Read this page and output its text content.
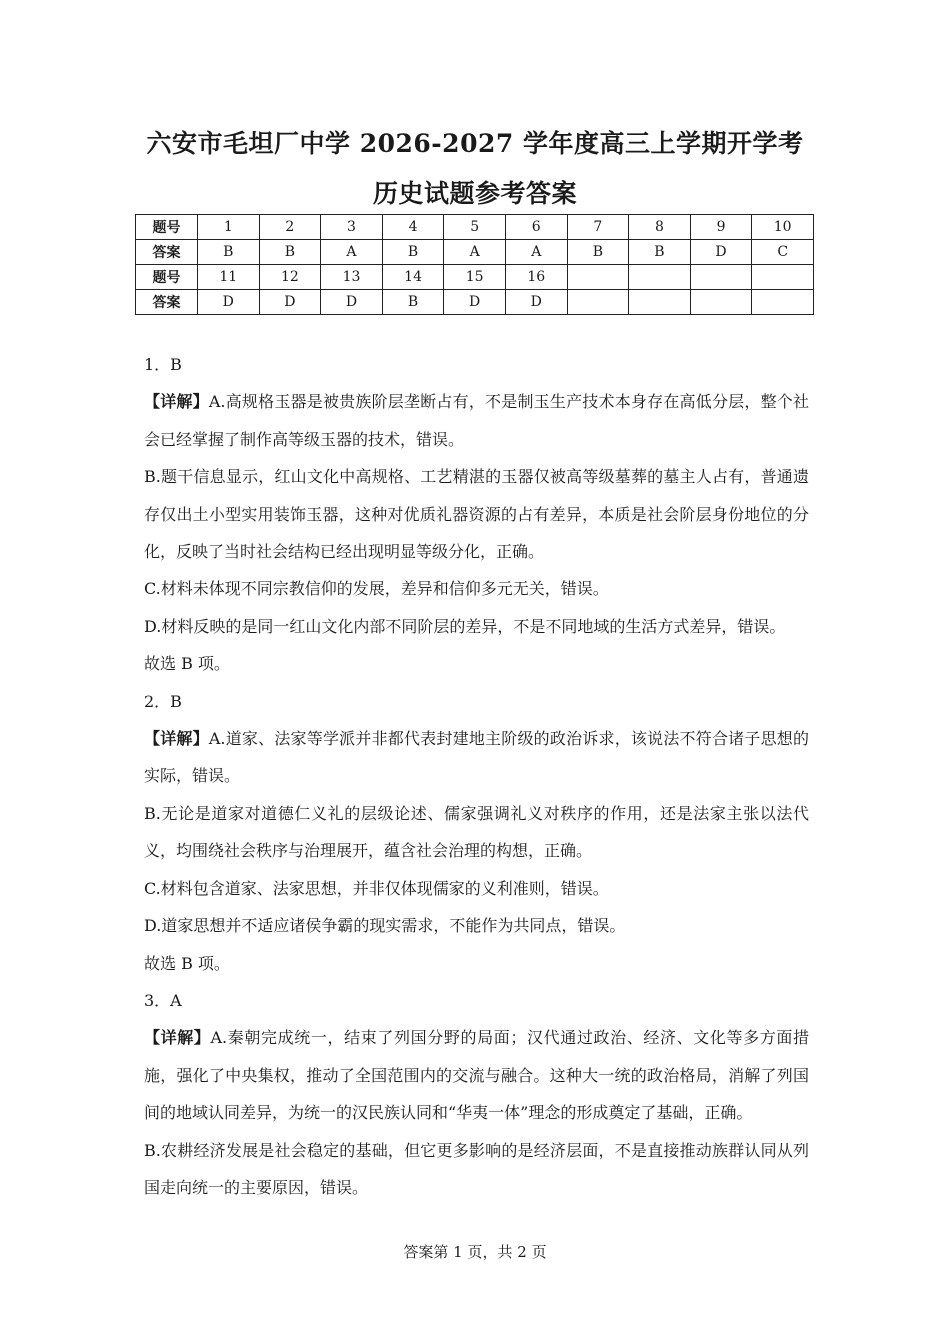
六安市毛坦厂中学 2026-2027 学年度高三上学期开学考
历史试题参考答案
题号	1	2	3	4	5	6	7	8	9	10
答案	B	B	A	B	A	A	B	B	D	C
题号	11	12	13	14	15	16				
答案	D	D	D	B	D	D				

1．B

【详解】A.高规格玉器是被贵族阶层垄断占有，不是制玉生产技术本身存在高低分层，整个社会已经掌握了制作高等级玉器的技术，错误。

B.题干信息显示，红山文化中高规格、工艺精湛的玉器仅被高等级墓葬的墓主人占有，普通遗存仅出土小型实用装饰玉器，这种对优质礼器资源的占有差异，本质是社会阶层身份地位的分化，反映了当时社会结构已经出现明显等级分化，正确。

C.材料未体现不同宗教信仰的发展，差异和信仰多元无关，错误。

D.材料反映的是同一红山文化内部不同阶层的差异，不是不同地域的生活方式差异，错误。

故选 B 项。

2．B

【详解】A.道家、法家等学派并非都代表封建地主阶级的政治诉求，该说法不符合诸子思想的实际，错误。

B.无论是道家对道德仁义礼的层级论述、儒家强调礼义对秩序的作用，还是法家主张以法代义，均围绕社会秩序与治理展开，蕴含社会治理的构想，正确。

C.材料包含道家、法家思想，并非仅体现儒家的义利准则，错误。

D.道家思想并不适应诸侯争霸的现实需求，不能作为共同点，错误。

故选 B 项。

3．A

【详解】A.秦朝完成统一，结束了列国分野的局面；汉代通过政治、经济、文化等多方面措施，强化了中央集权，推动了全国范围内的交流与融合。这种大一统的政治格局，消解了列国间的地域认同差异，为统一的汉民族认同和“华夷一体”理念的形成奠定了基础，正确。

B.农耕经济发展是社会稳定的基础，但它更多影响的是经济层面，不是直接推动族群认同从列国走向统一的主要原因，错误。

答案第 1 页，共 2 页
